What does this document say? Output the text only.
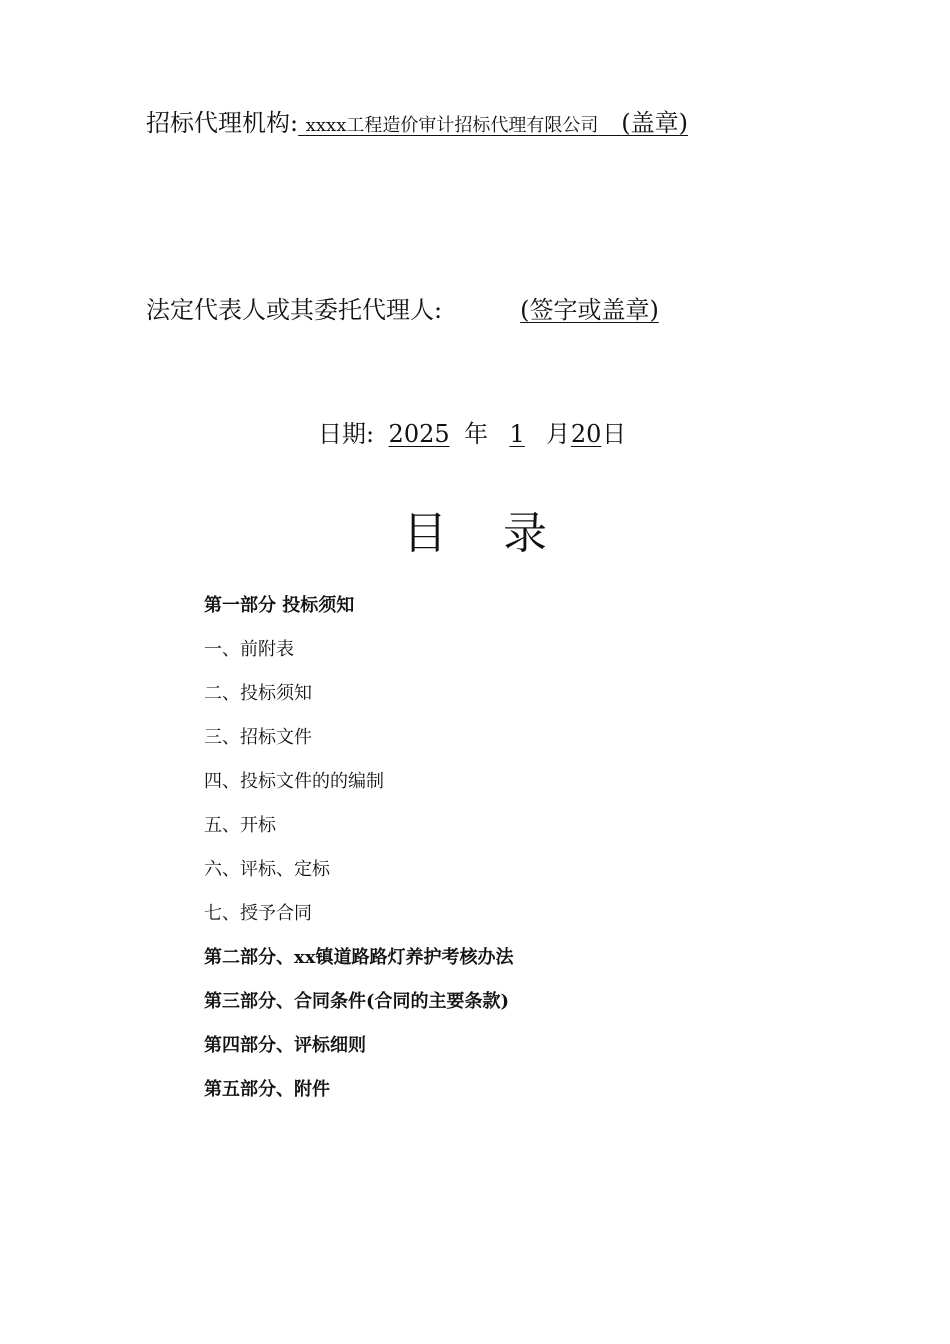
招标代理机构: xxxx工程造价审计招标代理有限公司 (盖章)
法定代表人或其委托代理人:	(签字或盖章)
日期: 2025 年 1 月20日
目录
第一部分 投标须知
一、前附表
二、投标须知
三、招标文件
四、投标文件的的编制
五、开标
六、评标、定标
七、授予合同
第二部分、xx镇道路路灯养护考核办法
第三部分、合同条件(合同的主要条款)
第四部分、评标细则
第五部分、附件
